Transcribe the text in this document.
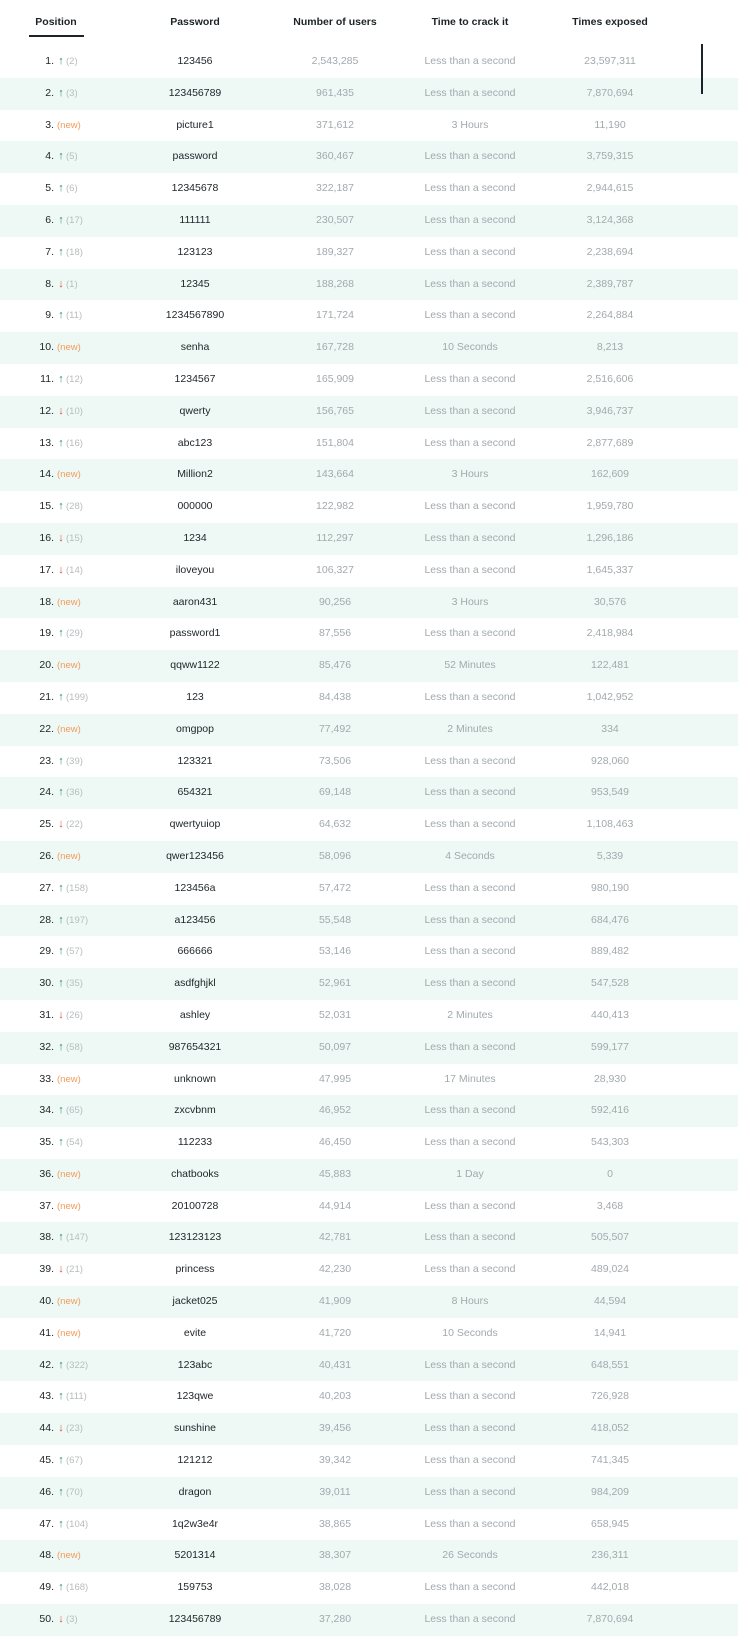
Position	Password	Number of users	Time to crack it	Times exposed
1. ↑ (2)	123456	2,543,285	Less than a second	23,597,311
2. ↑ (3)	123456789	961,435	Less than a second	7,870,694
3. (new)	picture1	371,612	3 Hours	11,190
4. ↑ (5)	password	360,467	Less than a second	3,759,315
5. ↑ (6)	12345678	322,187	Less than a second	2,944,615
6. ↑ (17)	111111	230,507	Less than a second	3,124,368
7. ↑ (18)	123123	189,327	Less than a second	2,238,694
8. ↓ (1)	12345	188,268	Less than a second	2,389,787
9. ↑ (11)	1234567890	171,724	Less than a second	2,264,884
10. (new)	senha	167,728	10 Seconds	8,213
11. ↑ (12)	1234567	165,909	Less than a second	2,516,606
12. ↓ (10)	qwerty	156,765	Less than a second	3,946,737
13. ↑ (16)	abc123	151,804	Less than a second	2,877,689
14. (new)	Million2	143,664	3 Hours	162,609
15. ↑ (28)	000000	122,982	Less than a second	1,959,780
16. ↓ (15)	1234	112,297	Less than a second	1,296,186
17. ↓ (14)	iloveyou	106,327	Less than a second	1,645,337
18. (new)	aaron431	90,256	3 Hours	30,576
19. ↑ (29)	password1	87,556	Less than a second	2,418,984
20. (new)	qqww1122	85,476	52 Minutes	122,481
21. ↑ (199)	123	84,438	Less than a second	1,042,952
22. (new)	omgpop	77,492	2 Minutes	334
23. ↑ (39)	123321	73,506	Less than a second	928,060
24. ↑ (36)	654321	69,148	Less than a second	953,549
25. ↓ (22)	qwertyuiop	64,632	Less than a second	1,108,463
26. (new)	qwer123456	58,096	4 Seconds	5,339
27. ↑ (158)	123456a	57,472	Less than a second	980,190
28. ↑ (197)	a123456	55,548	Less than a second	684,476
29. ↑ (57)	666666	53,146	Less than a second	889,482
30. ↑ (35)	asdfghjkl	52,961	Less than a second	547,528
31. ↓ (26)	ashley	52,031	2 Minutes	440,413
32. ↑ (58)	987654321	50,097	Less than a second	599,177
33. (new)	unknown	47,995	17 Minutes	28,930
34. ↑ (65)	zxcvbnm	46,952	Less than a second	592,416
35. ↑ (54)	112233	46,450	Less than a second	543,303
36. (new)	chatbooks	45,883	1 Day	0
37. (new)	20100728	44,914	Less than a second	3,468
38. ↑ (147)	123123123	42,781	Less than a second	505,507
39. ↓ (21)	princess	42,230	Less than a second	489,024
40. (new)	jacket025	41,909	8 Hours	44,594
41. (new)	evite	41,720	10 Seconds	14,941
42. ↑ (322)	123abc	40,431	Less than a second	648,551
43. ↑ (111)	123qwe	40,203	Less than a second	726,928
44. ↓ (23)	sunshine	39,456	Less than a second	418,052
45. ↑ (67)	121212	39,342	Less than a second	741,345
46. ↑ (70)	dragon	39,011	Less than a second	984,209
47. ↑ (104)	1q2w3e4r	38,865	Less than a second	658,945
48. (new)	5201314	38,307	26 Seconds	236,311
49. ↑ (168)	159753	38,028	Less than a second	442,018
50. ↓ (3)	123456789	37,280	Less than a second	7,870,694
